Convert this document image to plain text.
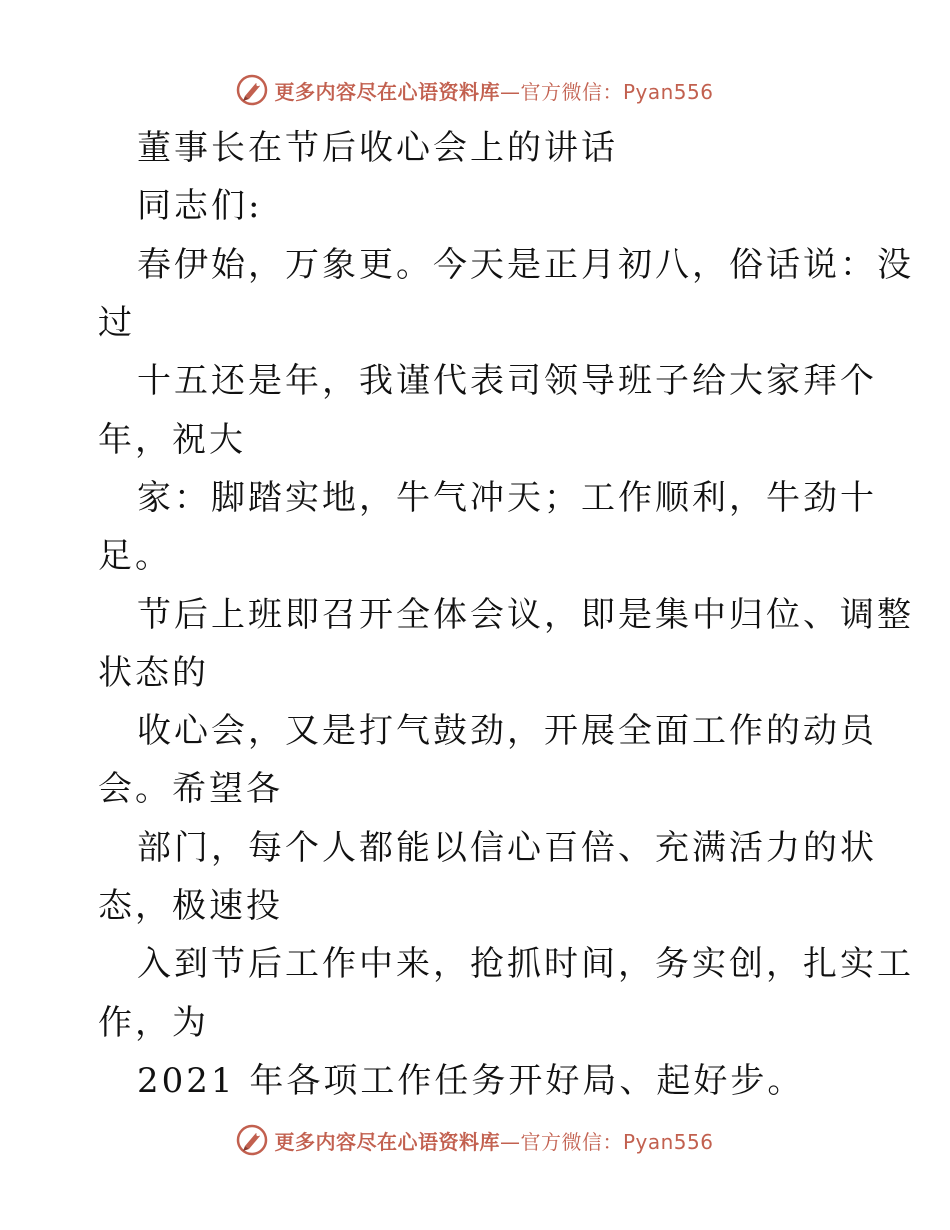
更多内容尽在心语资料库—官方微信：Pyan556
董事长在节后收心会上的讲话
同志们:
春伊始，万象更。今天是正月初八，俗话说：没
过
十五还是年，我谨代表司领导班子给大家拜个
年，祝大
家：脚踏实地，牛气冲天；工作顺利，牛劲十
足。
节后上班即召开全体会议，即是集中归位、调整
状态的
收心会，又是打气鼓劲，开展全面工作的动员
会。希望各
部门，每个人都能以信心百倍、充满活力的状
态，极速投
入到节后工作中来，抢抓时间，务实创，扎实工
作，为
2021 年各项工作任务开好局、起好步。
更多内容尽在心语资料库—官方微信：Pyan556
